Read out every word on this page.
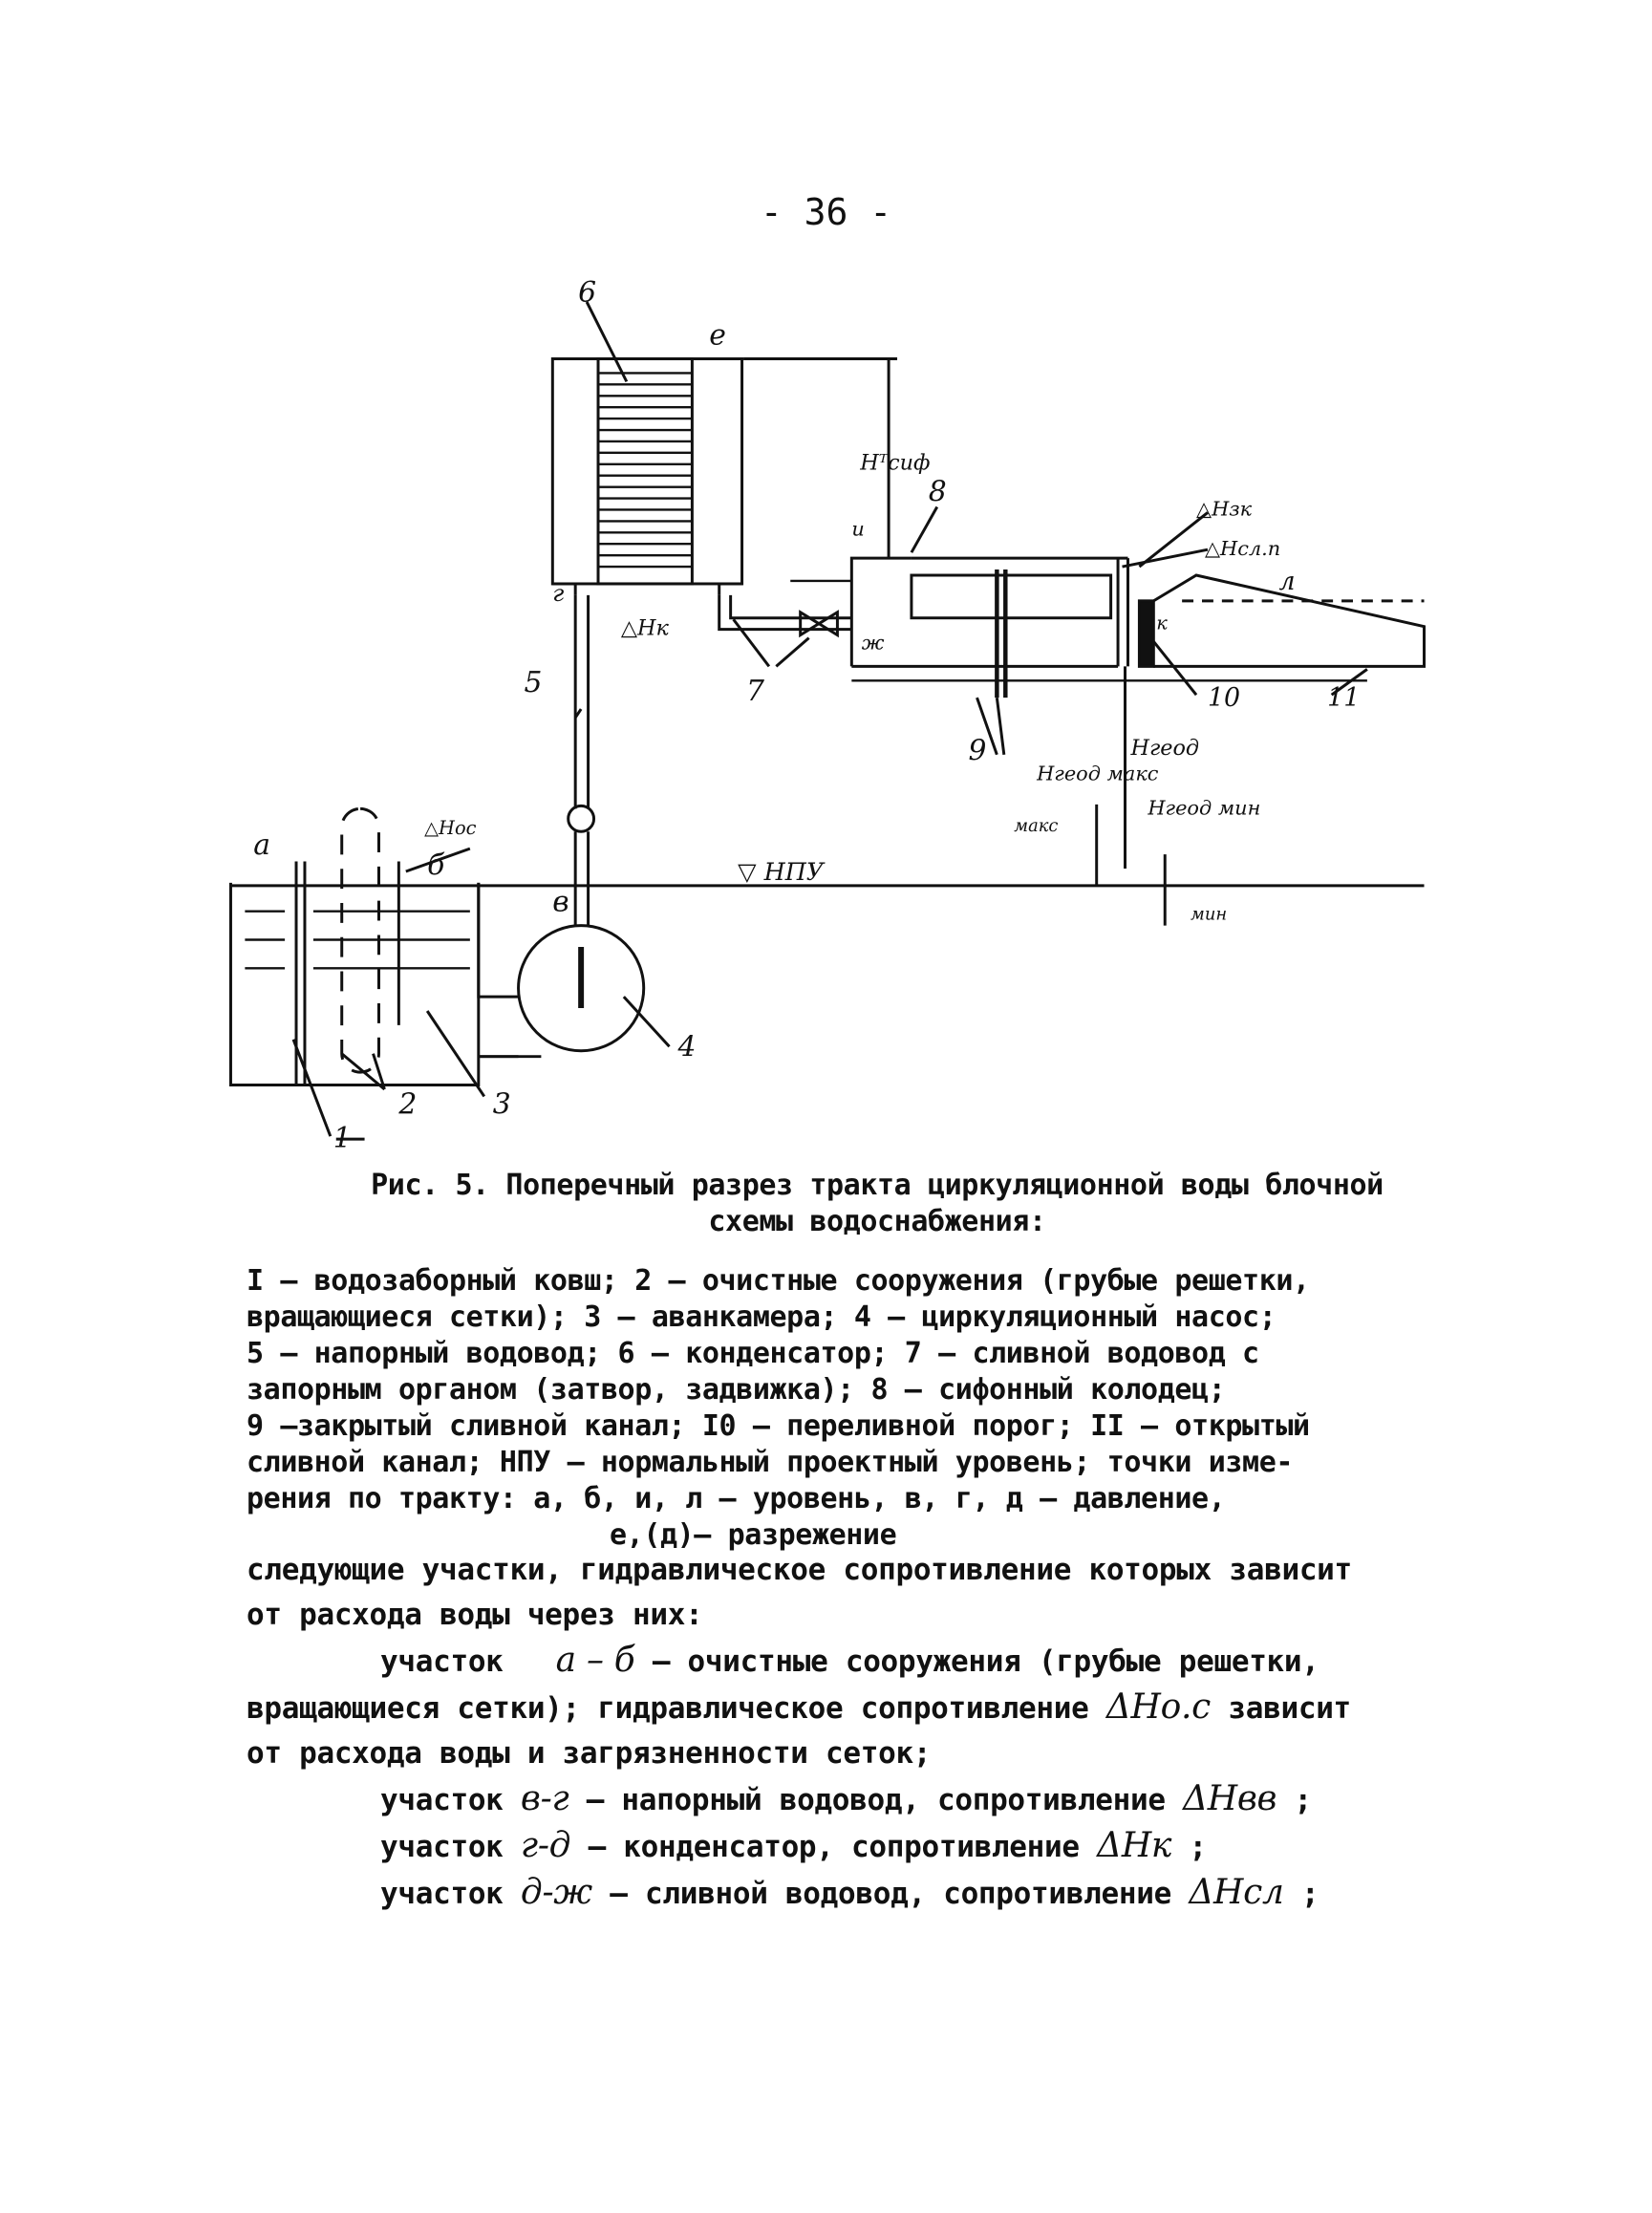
- 36 -
6
e
Hᵀсиф
△Hзк
△Hсл.п
8
и
л
г
△Hк
ж
к
7
5
9
10	11
Hгеод макс
Hгеод
Hгеод мин
макс
мин
▽ НПУ
а
б
△Hос
в
4
2	3
1
Рис. 5. Поперечный разрез тракта циркуляционной воды блочной
схемы водоснабжения:

I – водозаборный ковш; 2 – очистные сооружения (грубые решетки,

вращающиеся сетки); 3 – аванкамера; 4 – циркуляционный насос;

5 – напорный водовод; 6 – конденсатор; 7 – сливной водовод с

запорным органом (затвор, задвижка); 8 – сифонный колодец;

9 –закрытый сливной канал; I0 – переливной порог; II – открытый

сливной канал; НПУ – нормальный проектный уровень; точки изме-

рения по тракту: а, б, и, л – уровень, в, г, д – давление,

е,(д)– разрежение

следующие участки, гидравлическое сопротивление которых зависит

от расхода воды через них:

участок а – б – очистные сооружения (грубые решетки,

вращающиеся сетки); гидравлическое сопротивление ΔHо.с зависит

от расхода воды и загрязненности сеток;

участок в-г – напорный водовод, сопротивление ΔHвв ;

участок г-д – конденсатор, сопротивление ΔHк ;

участок д-ж – сливной водовод, сопротивление ΔHсл ;
